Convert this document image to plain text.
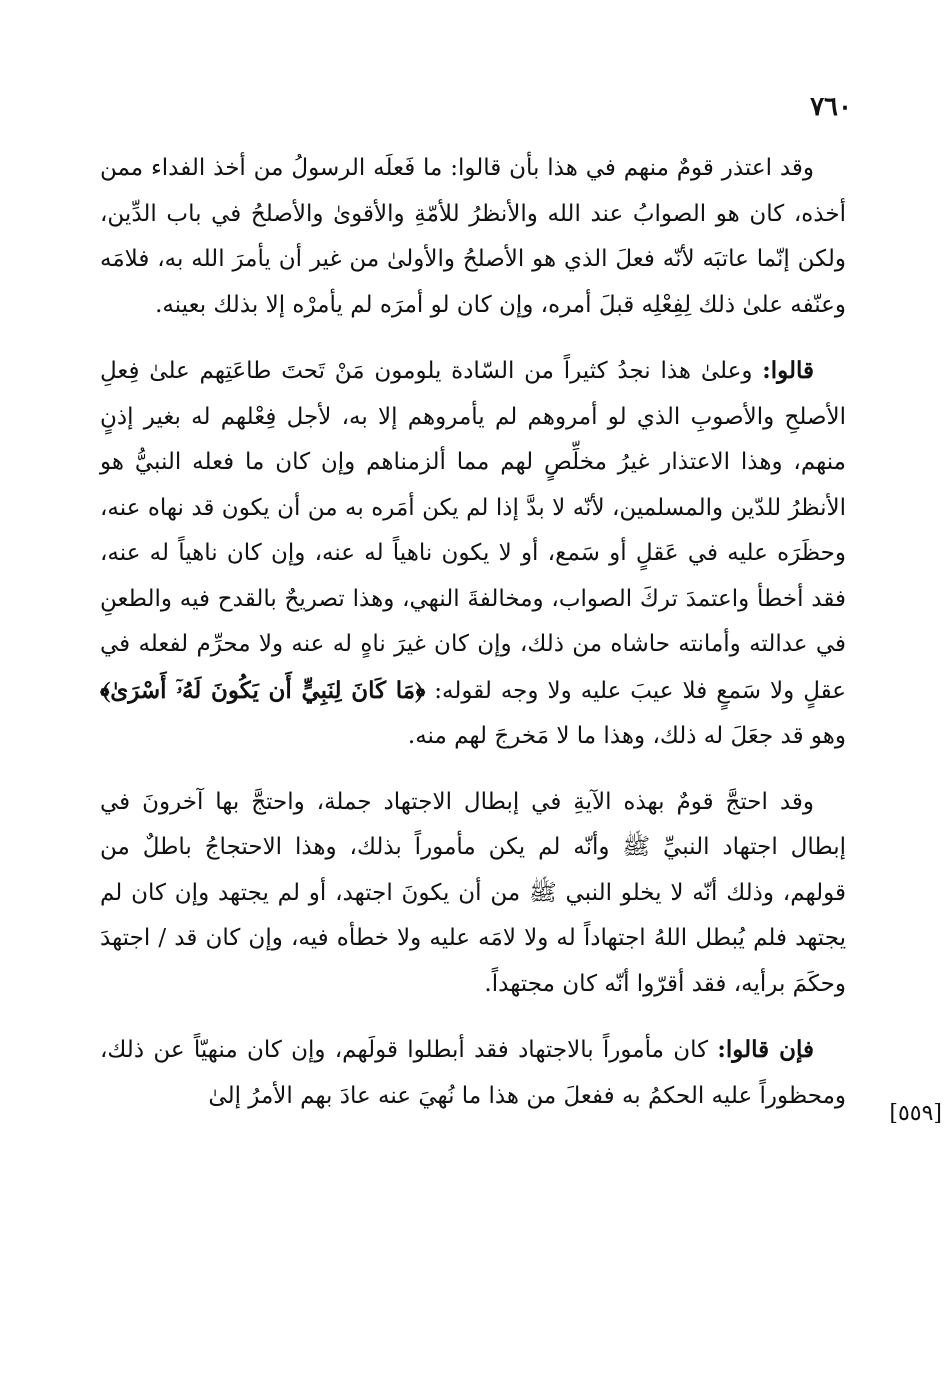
٧٦٠
[٥٥٩]

وقد اعتذر قومٌ منهم في هذا بأن قالوا: ما فَعلَه الرسولُ من أخذ الفداء ممن أخذه، كان هو الصوابُ عند الله والأنظرُ للأمّةِ والأقوىٰ والأصلحُ في باب الدِّين، ولكن إنّما عاتبَه لأنّه فعلَ الذي هو الأصلحُ والأولىٰ من غير أن يأمرَ الله به، فلامَه وعنّفه علىٰ ذلك لِفِعْلِه قبلَ أمره، وإن كان لو أمرَه لم يأمرْه إلا بذلك بعينه.

قالوا: وعلىٰ هذا نجدُ كثيراً من السّادة يلومون مَنْ تَحتَ طاعَتِهم علىٰ فِعلِ الأصلحِ والأصوبِ الذي لو أمروهم لم يأمروهم إلا به، لأجل فِعْلهم له بغير إذنٍ منهم، وهذا الاعتذار غيرُ مخلِّصٍ لهم مما ألزمناهم وإن كان ما فعله النبيُّ هو الأنظرُ للدّين والمسلمين، لأنّه لا بدَّ إذا لم يكن أمَره به من أن يكون قد نهاه عنه، وحظَرَه عليه في عَقلٍ أو سَمع، أو لا يكون ناهياً له عنه، وإن كان ناهياً له عنه، فقد أخطأ واعتمدَ تركَ الصواب، ومخالفةَ النهي، وهذا تصريحٌ بالقدح فيه والطعنِ في عدالته وأمانته حاشاه من ذلك، وإن كان غيرَ ناهٍ له عنه ولا محرِّم لفعله في عقلٍ ولا سَمعٍ فلا عيبَ عليه ولا وجه لقوله: ﴿مَا كَانَ لِنَبِيٍّ أَن يَكُونَ لَهُۥٓ أَسْرَىٰ﴾ وهو قد جعَلَ له ذلك، وهذا ما لا مَخرجَ لهم منه.

وقد احتجَّ قومٌ بهذه الآيةِ في إبطال الاجتهاد جملة، واحتجَّ بها آخرونَ في إبطال اجتهاد النبيِّ ﷺ وأنّه لم يكن مأموراً بذلك، وهذا الاحتجاجُ باطلٌ من قولهم، وذلك أنّه لا يخلو النبي ﷺ من أن يكونَ اجتهد، أو لم يجتهد وإن كان لم يجتهد فلم يُبطل اللهُ اجتهاداً له ولا لامَه عليه ولا خطأه فيه، وإن كان قد / اجتهدَ وحكَمَ برأيه، فقد أقرّوا أنّه كان مجتهداً.

فإن قالوا: كان مأموراً بالاجتهاد فقد أبطلوا قولَهم، وإن كان منهيّاً عن ذلك، ومحظوراً عليه الحكمُ به ففعلَ من هذا ما نُهيَ عنه عادَ بهم الأمرُ إلىٰ
